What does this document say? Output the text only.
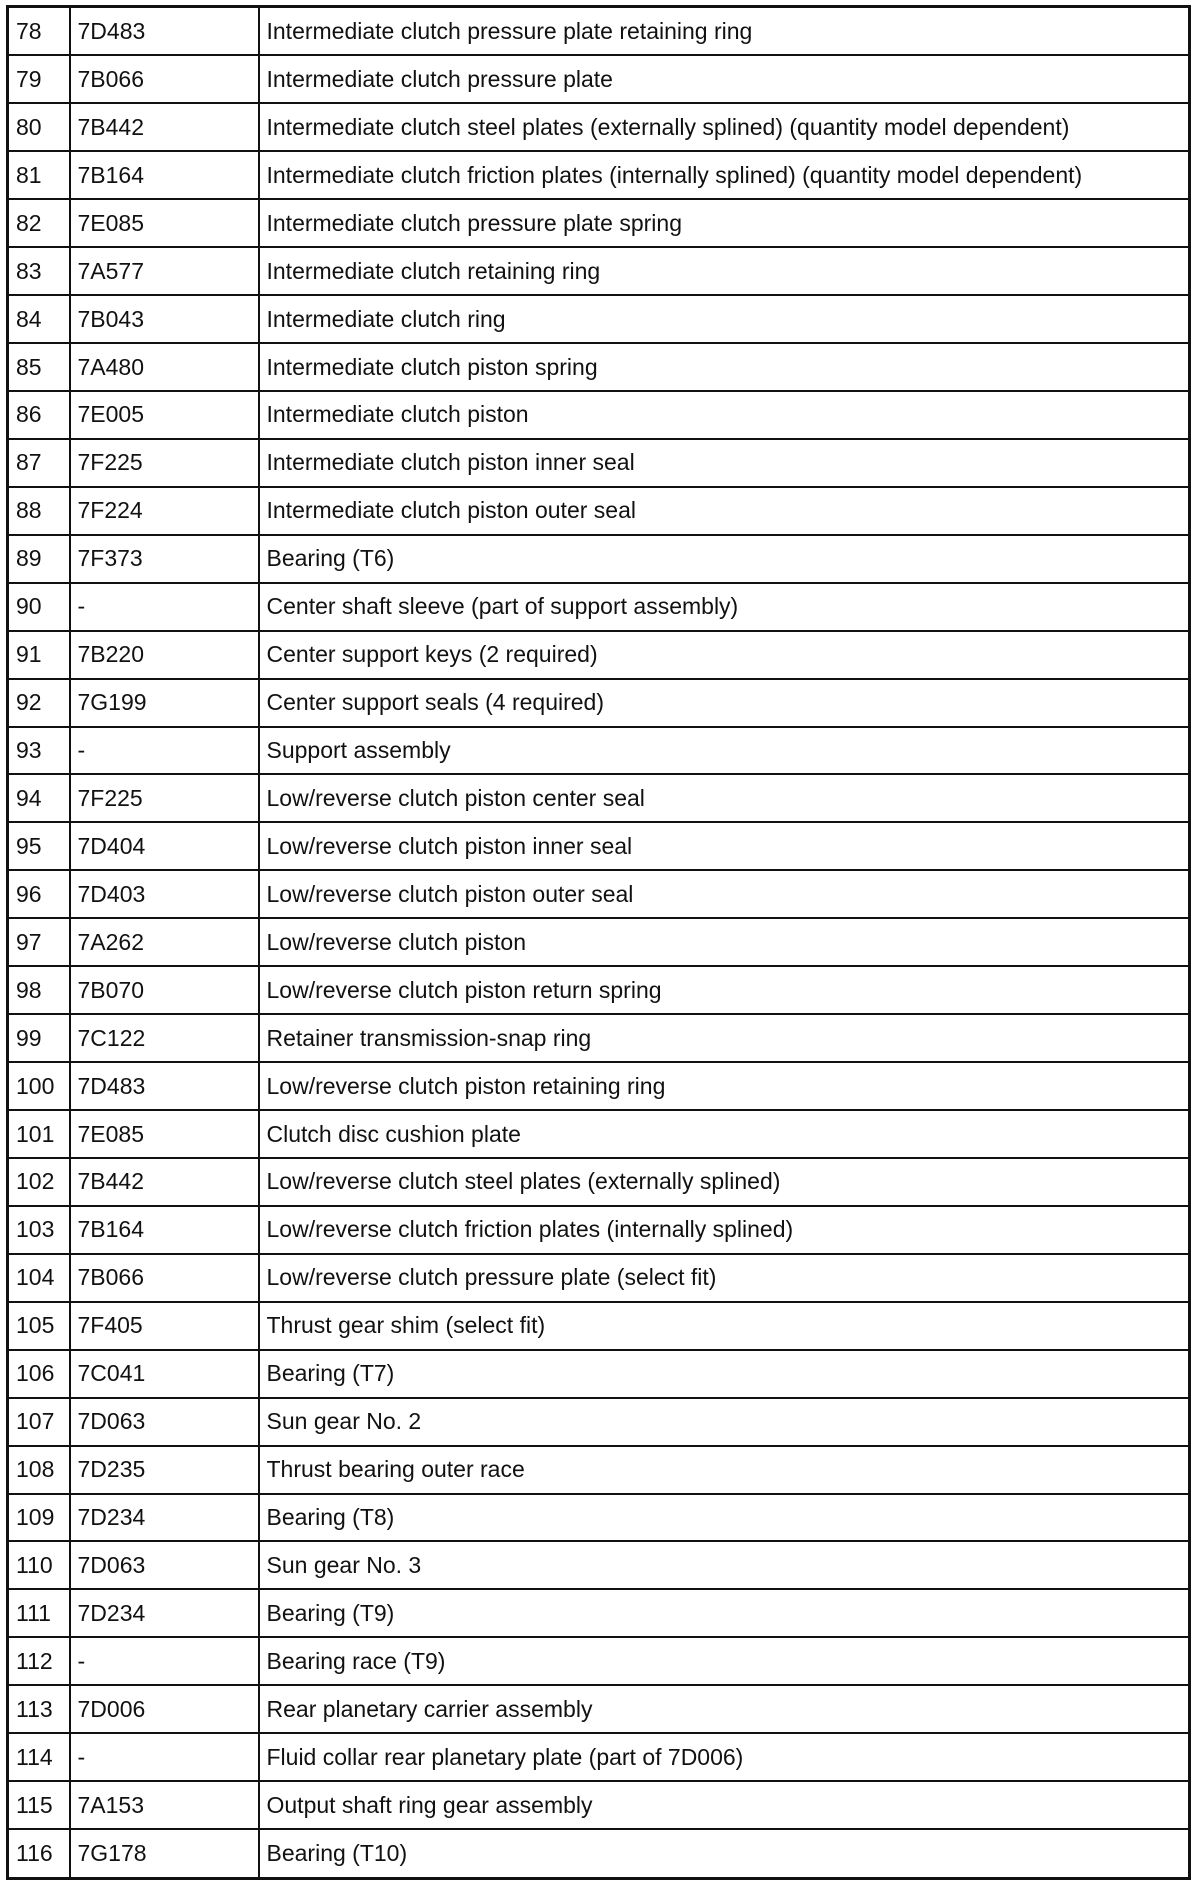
78	7D483	Intermediate clutch pressure plate retaining ring
79	7B066	Intermediate clutch pressure plate
80	7B442	Intermediate clutch steel plates (externally splined) (quantity model dependent)
81	7B164	Intermediate clutch friction plates (internally splined) (quantity model dependent)
82	7E085	Intermediate clutch pressure plate spring
83	7A577	Intermediate clutch retaining ring
84	7B043	Intermediate clutch ring
85	7A480	Intermediate clutch piston spring
86	7E005	Intermediate clutch piston
87	7F225	Intermediate clutch piston inner seal
88	7F224	Intermediate clutch piston outer seal
89	7F373	Bearing (T6)
90	-	Center shaft sleeve (part of support assembly)
91	7B220	Center support keys (2 required)
92	7G199	Center support seals (4 required)
93	-	Support assembly
94	7F225	Low/reverse clutch piston center seal
95	7D404	Low/reverse clutch piston inner seal
96	7D403	Low/reverse clutch piston outer seal
97	7A262	Low/reverse clutch piston
98	7B070	Low/reverse clutch piston return spring
99	7C122	Retainer transmission-snap ring
100	7D483	Low/reverse clutch piston retaining ring
101	7E085	Clutch disc cushion plate
102	7B442	Low/reverse clutch steel plates (externally splined)
103	7B164	Low/reverse clutch friction plates (internally splined)
104	7B066	Low/reverse clutch pressure plate (select fit)
105	7F405	Thrust gear shim (select fit)
106	7C041	Bearing (T7)
107	7D063	Sun gear No. 2
108	7D235	Thrust bearing outer race
109	7D234	Bearing (T8)
110	7D063	Sun gear No. 3
111	7D234	Bearing (T9)
112	-	Bearing race (T9)
113	7D006	Rear planetary carrier assembly
114	-	Fluid collar rear planetary plate (part of 7D006)
115	7A153	Output shaft ring gear assembly
116	7G178	Bearing (T10)
